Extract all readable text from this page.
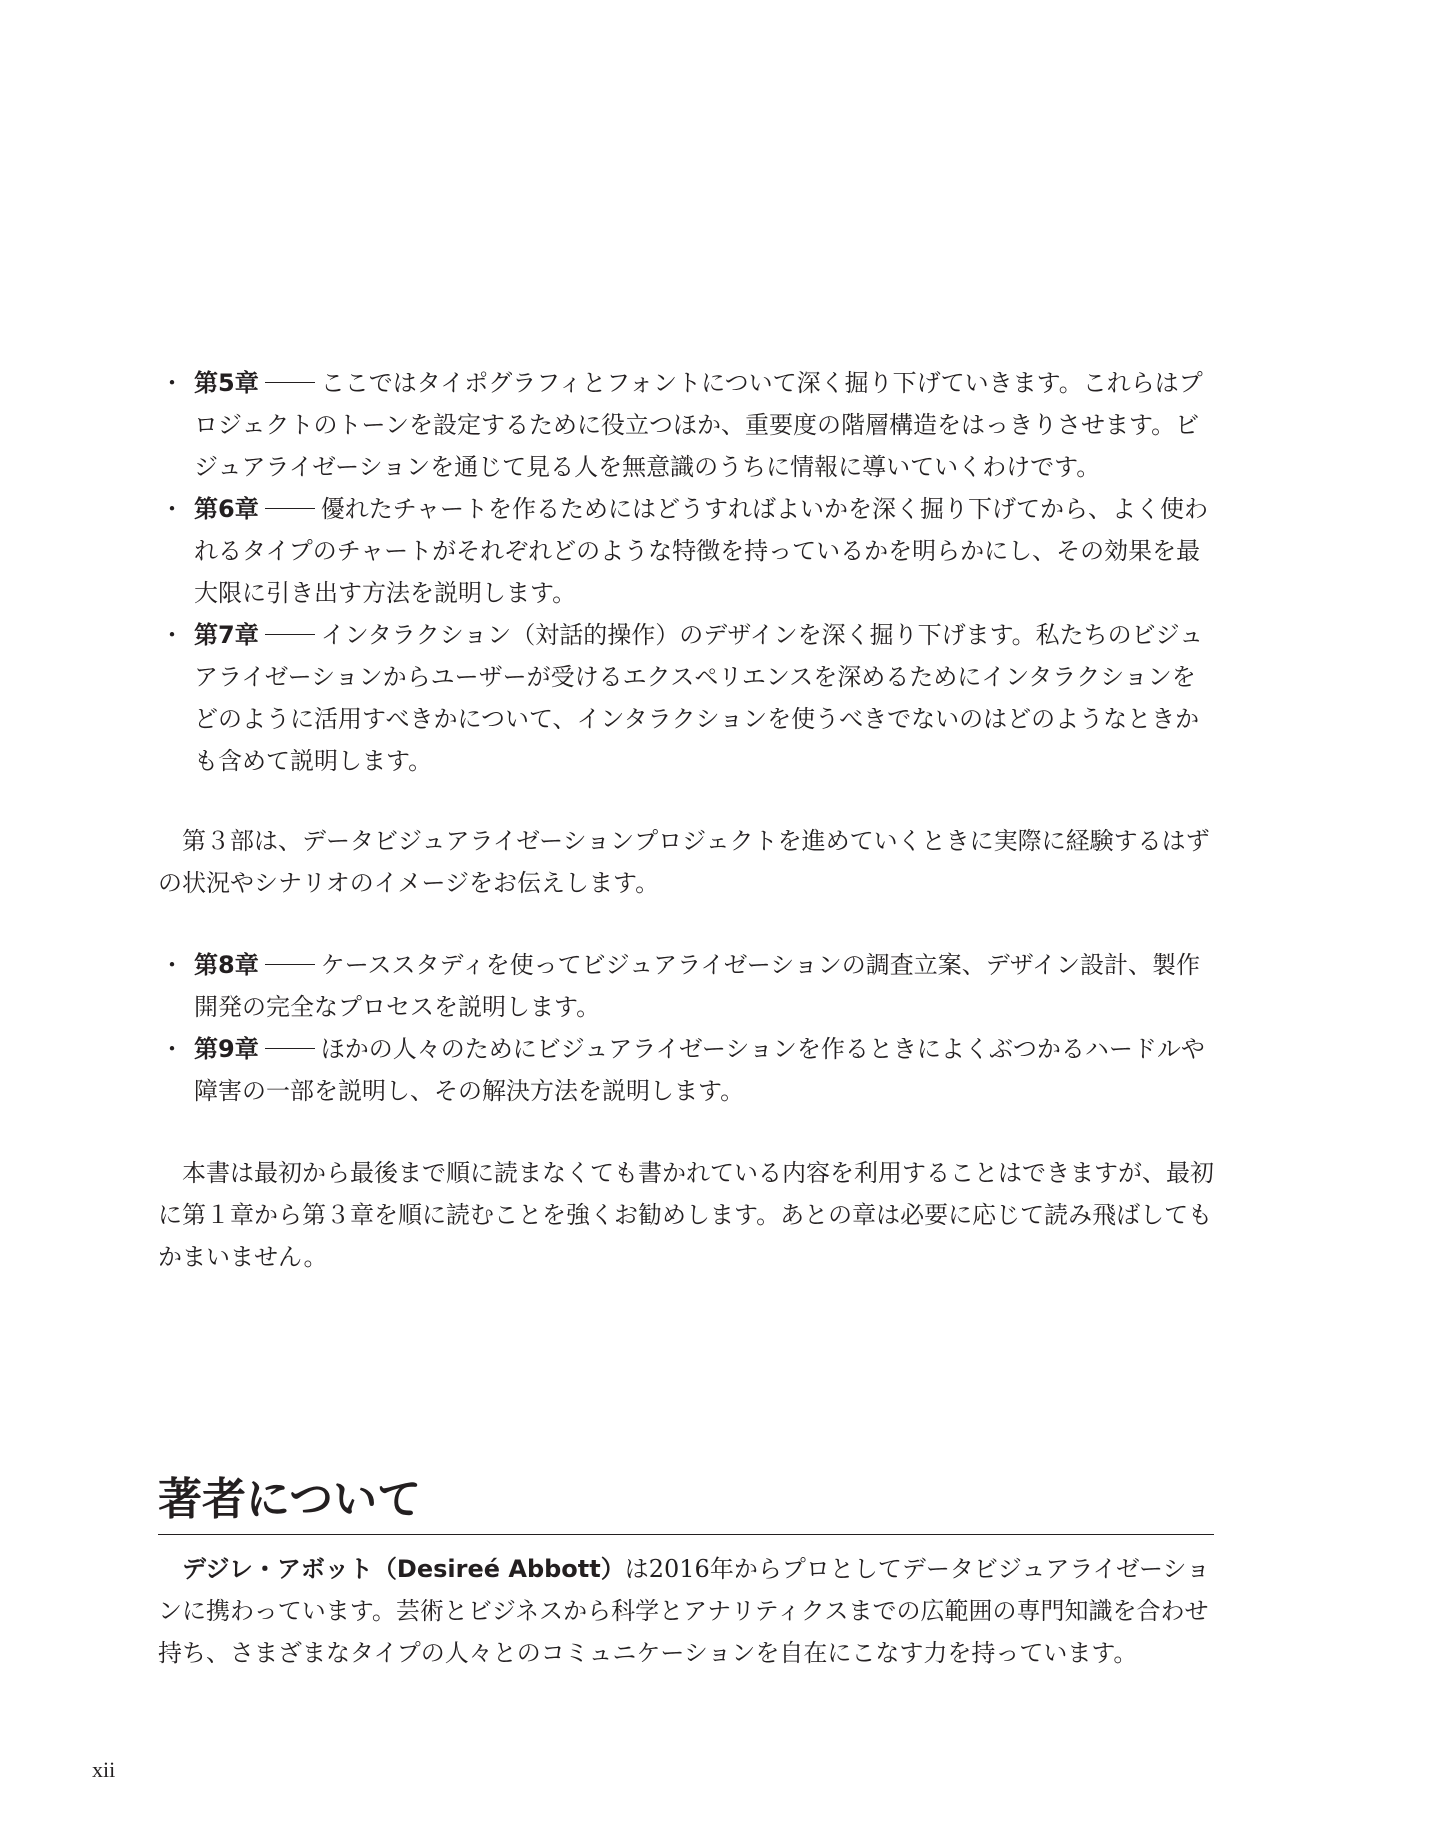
・ 第5章	ここではタイポグラフィとフォントについて深く掘り下げていきます。これらはプロジェクトのトーンを設定するために役立つほか、重要度の階層構造をはっきりさせます。ビジュアライゼーションを通じて見る人を無意識のうちに情報に導いていくわけです。
・ 第6章	優れたチャートを作るためにはどうすればよいかを深く掘り下げてから、よく使われるタイプのチャートがそれぞれどのような特徴を持っているかを明らかにし、その効果を最大限に引き出す方法を説明します。
・ 第7章	インタラクション（対話的操作）のデザインを深く掘り下げます。私たちのビジュアライゼーションからユーザーが受けるエクスペリエンスを深めるためにインタラクションをどのように活用すべきかについて、インタラクションを使うべきでないのはどのようなときかも含めて説明します。

第３部は、データビジュアライゼーションプロジェクトを進めていくときに実際に経験するはずの状況やシナリオのイメージをお伝えします。

・ 第8章	ケーススタディを使ってビジュアライゼーションの調査立案、デザイン設計、製作開発の完全なプロセスを説明します。
・ 第9章	ほかの人々のためにビジュアライゼーションを作るときによくぶつかるハードルや障害の一部を説明し、その解決方法を説明します。

本書は最初から最後まで順に読まなくても書かれている内容を利用することはできますが、最初に第１章から第３章を順に読むことを強くお勧めします。あとの章は必要に応じて読み飛ばしてもかまいません。

著者について

デジレ・アボット（Desireé Abbott）は2016年からプロとしてデータビジュアライゼーションに携わっています。芸術とビジネスから科学とアナリティクスまでの広範囲の専門知識を合わせ持ち、さまざまなタイプの人々とのコミュニケーションを自在にこなす力を持っています。

xii
